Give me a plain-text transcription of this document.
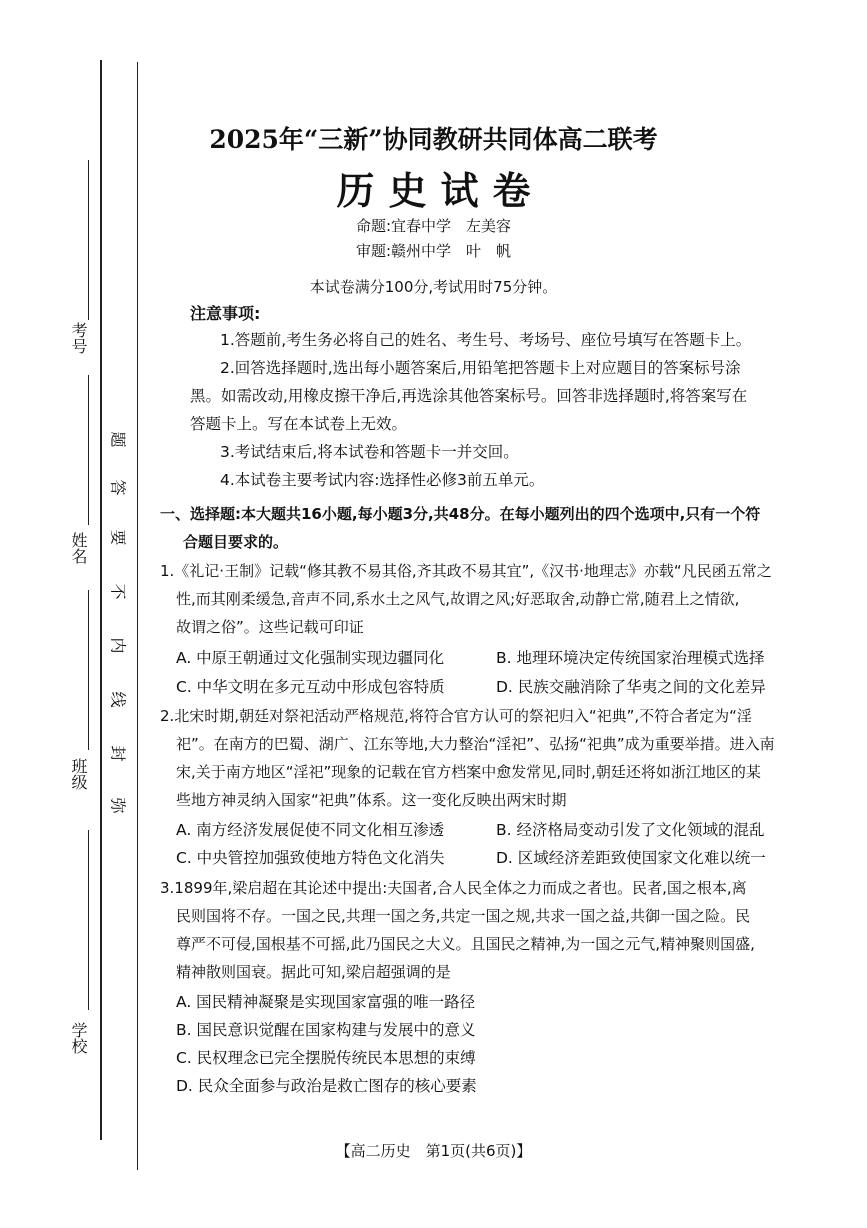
考号
姓名
班级
学校
题
答
要
不
内
线
封
弥
2025年“三新”协同教研共同体高二联考
历史试卷
命题:宜春中学　左美容
审题:赣州中学　叶　帆
本试卷满分100分,考试用时75分钟。
注意事项:
1.答题前,考生务必将自己的姓名、考生号、考场号、座位号填写在答题卡上。
2.回答选择题时,选出每小题答案后,用铅笔把答题卡上对应题目的答案标号涂
黑。如需改动,用橡皮擦干净后,再选涂其他答案标号。回答非选择题时,将答案写在
答题卡上。写在本试卷上无效。
3.考试结束后,将本试卷和答题卡一并交回。
4.本试卷主要考试内容:选择性必修3前五单元。
一、选择题:本大题共16小题,每小题3分,共48分。在每小题列出的四个选项中,只有一个符
合题目要求的。
1.《礼记·王制》记载“修其教不易其俗,齐其政不易其宜”,《汉书·地理志》亦载“凡民函五常之
性,而其刚柔缓急,音声不同,系水土之风气,故谓之风;好恶取舍,动静亡常,随君上之情欲,
故谓之俗”。这些记载可印证
A. 中原王朝通过文化强制实现边疆同化	B. 地理环境决定传统国家治理模式选择
C. 中华文明在多元互动中形成包容特质	D. 民族交融消除了华夷之间的文化差异
2.北宋时期,朝廷对祭祀活动严格规范,将符合官方认可的祭祀归入“祀典”,不符合者定为“淫
祀”。在南方的巴蜀、湖广、江东等地,大力整治“淫祀”、弘扬“祀典”成为重要举措。进入南
宋,关于南方地区“淫祀”现象的记载在官方档案中愈发常见,同时,朝廷还将如浙江地区的某
些地方神灵纳入国家“祀典”体系。这一变化反映出两宋时期
A. 南方经济发展促使不同文化相互渗透	B. 经济格局变动引发了文化领域的混乱
C. 中央管控加强致使地方特色文化消失	D. 区域经济差距致使国家文化难以统一
3.1899年,梁启超在其论述中提出:夫国者,合人民全体之力而成之者也。民者,国之根本,离
民则国将不存。一国之民,共理一国之务,共定一国之规,共求一国之益,共御一国之险。民
尊严不可侵,国根基不可摇,此乃国民之大义。且国民之精神,为一国之元气,精神聚则国盛,
精神散则国衰。据此可知,梁启超强调的是
A. 国民精神凝聚是实现国家富强的唯一路径
B. 国民意识觉醒在国家构建与发展中的意义
C. 民权理念已完全摆脱传统民本思想的束缚
D. 民众全面参与政治是救亡图存的核心要素
【高二历史　第1页(共6页)】
